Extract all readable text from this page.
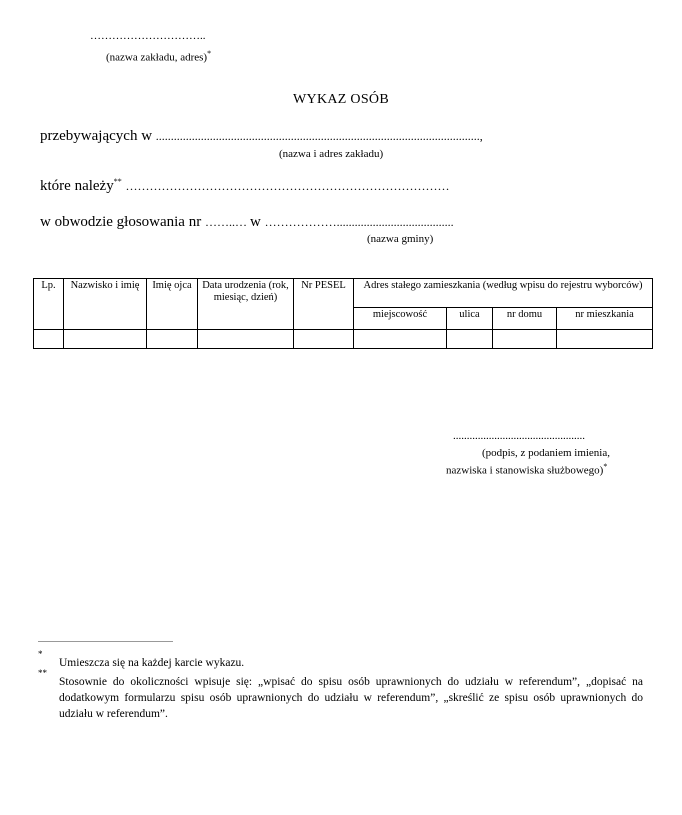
…………………………..
(nazwa zakładu, adres)*
WYKAZ OSÓB
przebywających w ............................................................................................................,
(nazwa i adres zakładu)
które należy** ………………………………………………………………………
w obwodzie głosowania nr ……..… w ……………….......................................
(nazwa gminy)
Lp.	Nazwisko i imię	Imię ojca	Data urodzenia (rok, miesiąc, dzień)	Nr PESEL	Adres stałego zamieszkania (według wpisu do rejestru wyborców)			
					miejscowość	ulica	nr domu	nr mieszkania

................................................
(podpis, z podaniem imienia,
nazwiska i stanowiska służbowego)*
*
Umieszcza się na każdej karcie wykazu.
**
Stosownie do okoliczności wpisuje się: „wpisać do spisu osób uprawnionych do udziału w referendum”, „dopisać na dodatkowym formularzu spisu osób uprawnionych do udziału w referendum”, „skreślić ze spisu osób uprawnionych do udziału w referendum”.
